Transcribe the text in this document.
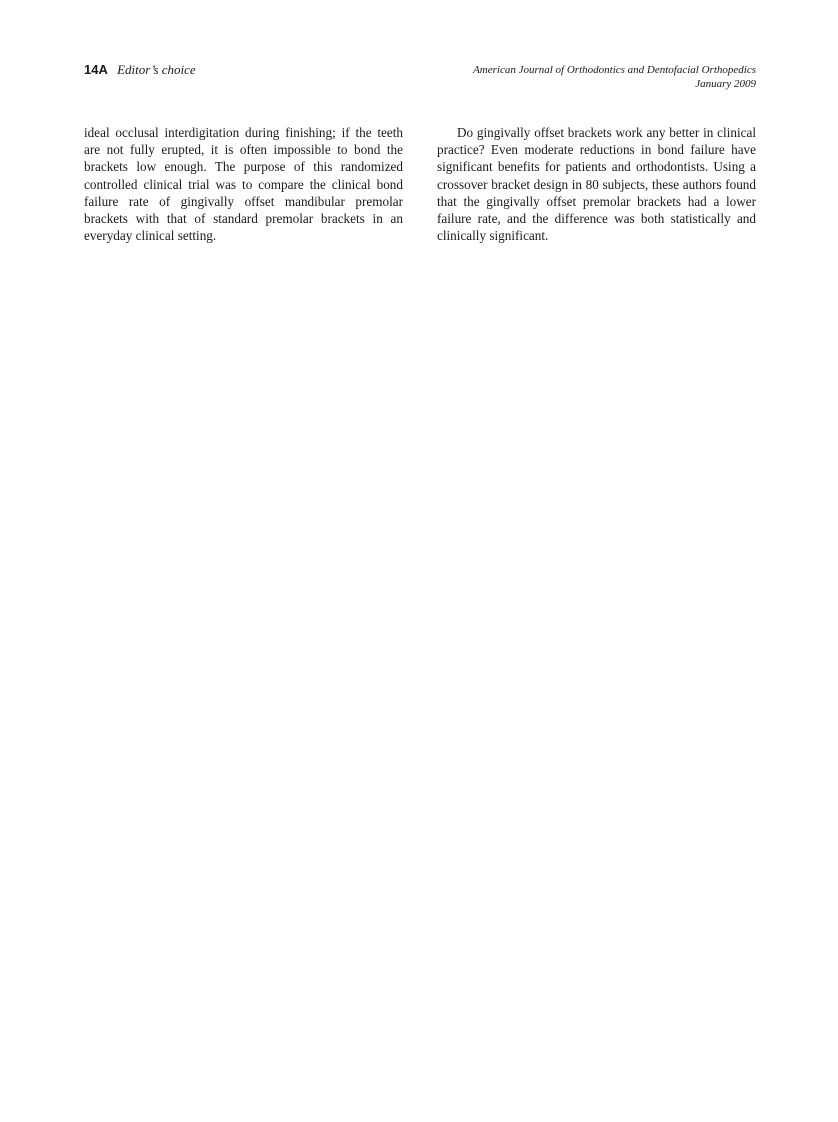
14A Editor’s choice	American Journal of Orthodontics and Dentofacial Orthopedics
January 2009

ideal occlusal interdigitation during finishing; if the teeth are not fully erupted, it is often impossible to bond the brackets low enough. The purpose of this randomized controlled clinical trial was to compare the clinical bond failure rate of gingivally offset mandibular premolar brackets with that of standard premolar brackets in an everyday clinical setting.

Do gingivally offset brackets work any better in clinical practice? Even moderate reductions in bond failure have significant benefits for patients and orthodontists. Using a crossover bracket design in 80 subjects, these authors found that the gingivally offset premolar brackets had a lower failure rate, and the difference was both statistically and clinically significant.
